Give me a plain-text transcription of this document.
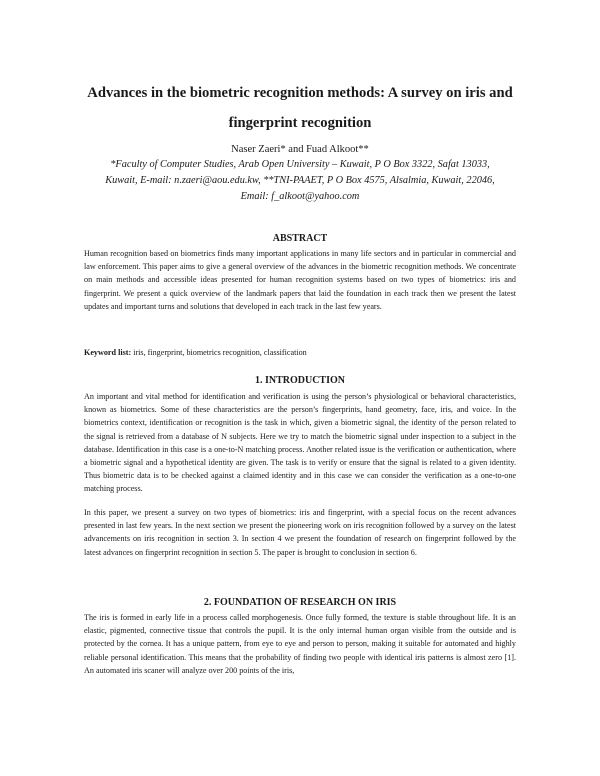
Advances in the biometric recognition methods: A survey on iris and
fingerprint recognition
Naser Zaeri* and Fuad Alkoot**
*Faculty of Computer Studies, Arab Open University – Kuwait, P O Box 3322, Safat 13033,
Kuwait, E-mail: n.zaeri@aou.edu.kw, **TNI-PAAET, P O Box 4575, Alsalmia, Kuwait, 22046,
Email: f_alkoot@yahoo.com
ABSTRACT

Human recognition based on biometrics finds many important applications in many life sectors and in particular in commercial and law enforcement. This paper aims to give a general overview of the advances in the biometric recognition methods. We concentrate on main methods and accessible ideas presented for human recognition systems based on two types of biometrics: iris and fingerprint. We present a quick overview of the landmark papers that laid the foundation in each track then we present the latest updates and important turns and solutions that developed in each track in the last few years.

Keyword list: iris, fingerprint, biometrics recognition, classification

1. INTRODUCTION

An important and vital method for identification and verification is using the person’s physiological or behavioral characteristics, known as biometrics. Some of these characteristics are the person’s fingerprints, hand geometry, face, iris, and voice. In the biometrics context, identification or recognition is the task in which, given a biometric signal, the identity of the person related to the signal is retrieved from a database of N subjects. Here we try to match the biometric signal under inspection to a subject in the database. Identification in this case is a one-to-N matching process. Another related issue is the verification or authentication, where a biometric signal and a hypothetical identity are given. The task is to verify or ensure that the signal is related to a given identity. Thus biometric data is to be checked against a claimed identity and in this case we can consider the verification as a one-to-one matching process.

In this paper, we present a survey on two types of biometrics: iris and fingerprint, with a special focus on the recent advances presented in last few years. In the next section we present the pioneering work on iris recognition followed by a survey on the latest advancements on iris recognition in section 3. In section 4 we present the foundation of research on fingerprint followed by the latest advances on fingerprint recognition in section 5. The paper is brought to conclusion in section 6.

2. FOUNDATION OF RESEARCH ON IRIS

The iris is formed in early life in a process called morphogenesis. Once fully formed, the texture is stable throughout life. It is an elastic, pigmented, connective tissue that controls the pupil. It is the only internal human organ visible from the outside and is protected by the cornea. It has a unique pattern, from eye to eye and person to person, making it suitable for automated and highly reliable personal identification. This means that the probability of finding two people with identical iris patterns is almost zero [1]. An automated iris scaner will analyze over 200 points of the iris,
